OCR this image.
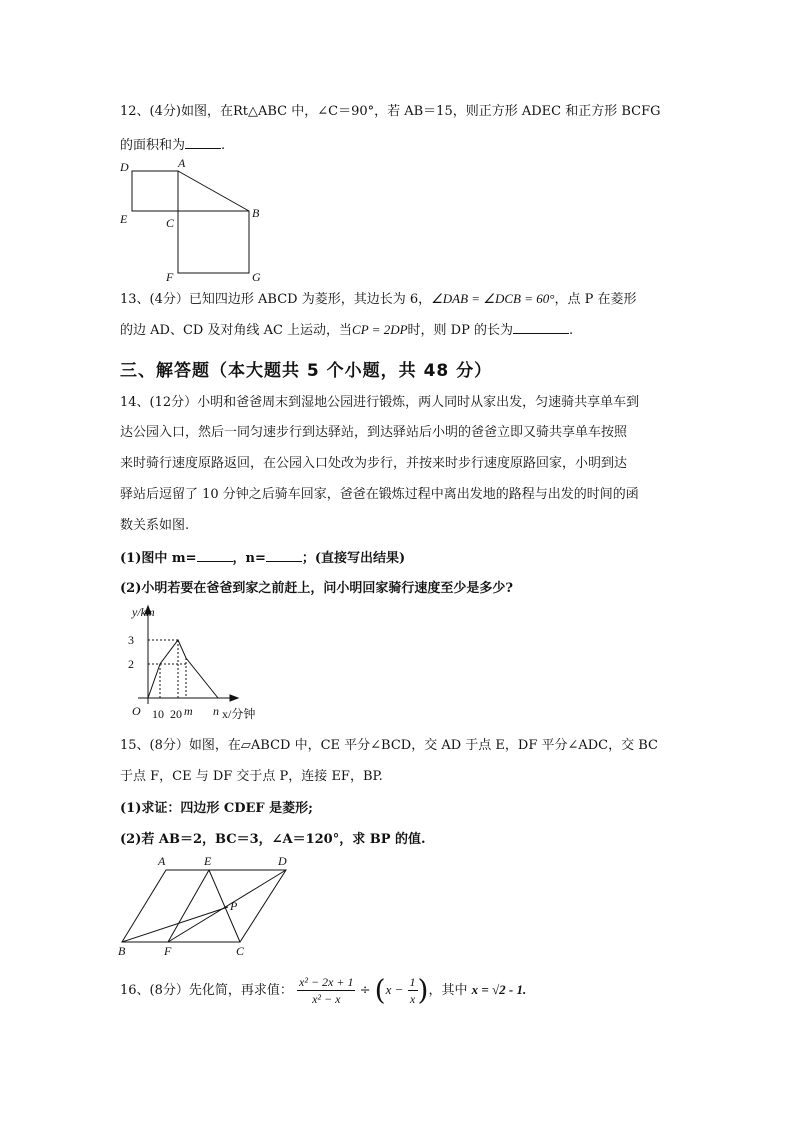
12、(4分)如图，在Rt△ABC 中，∠C＝90°，若 AB＝15，则正方形 ADEC 和正方形 BCFG
的面积和为	.
D	A
E	C
B
F	G
13、(4分）已知四边形 ABCD 为菱形，其边长为 6，∠DAB = ∠DCB = 60°，点 P 在菱形
的边 AD、CD 及对角线 AC 上运动，当CP = 2DP时，则 DP 的长为	.
三、解答题（本大题共 5 个小题，共 48 分）
14、(12分）小明和爸爸周末到湿地公园进行锻炼，两人同时从家出发，匀速骑共享单车到
达公园入口，然后一同匀速步行到达驿站，到达驿站后小明的爸爸立即又骑共享单车按照
来时骑行速度原路返回，在公园入口处改为步行，并按来时步行速度原路回家，小明到达
驿站后逗留了 10 分钟之后骑车回家，爸爸在锻炼过程中离出发地的路程与出发的时间的函
数关系如图.
(1)图中 m=	，n=	；(直接写出结果)
(2)小明若要在爸爸到家之前赶上，问小明回家骑行速度至少是多少?
y/km
3
2
O 10 20 m n x/分钟
15、(8分）如图，在▱ABCD 中，CE 平分∠BCD，交 AD 于点 E，DF 平分∠ADC，交 BC
于点 F，CE 与 DF 交于点 P，连接 EF，BP.
(1)求证：四边形 CDEF 是菱形;
(2)若 AB＝2，BC＝3，∠A＝120°，求 BP 的值.
A	E	D
P
B	F	C
16、(8分）先化简，再求值： $\frac{\text{x² − 2x + 1}}{\text{x² − x}} \div (x - \frac{1}{x}$ )，其中 x = √2 - 1.
